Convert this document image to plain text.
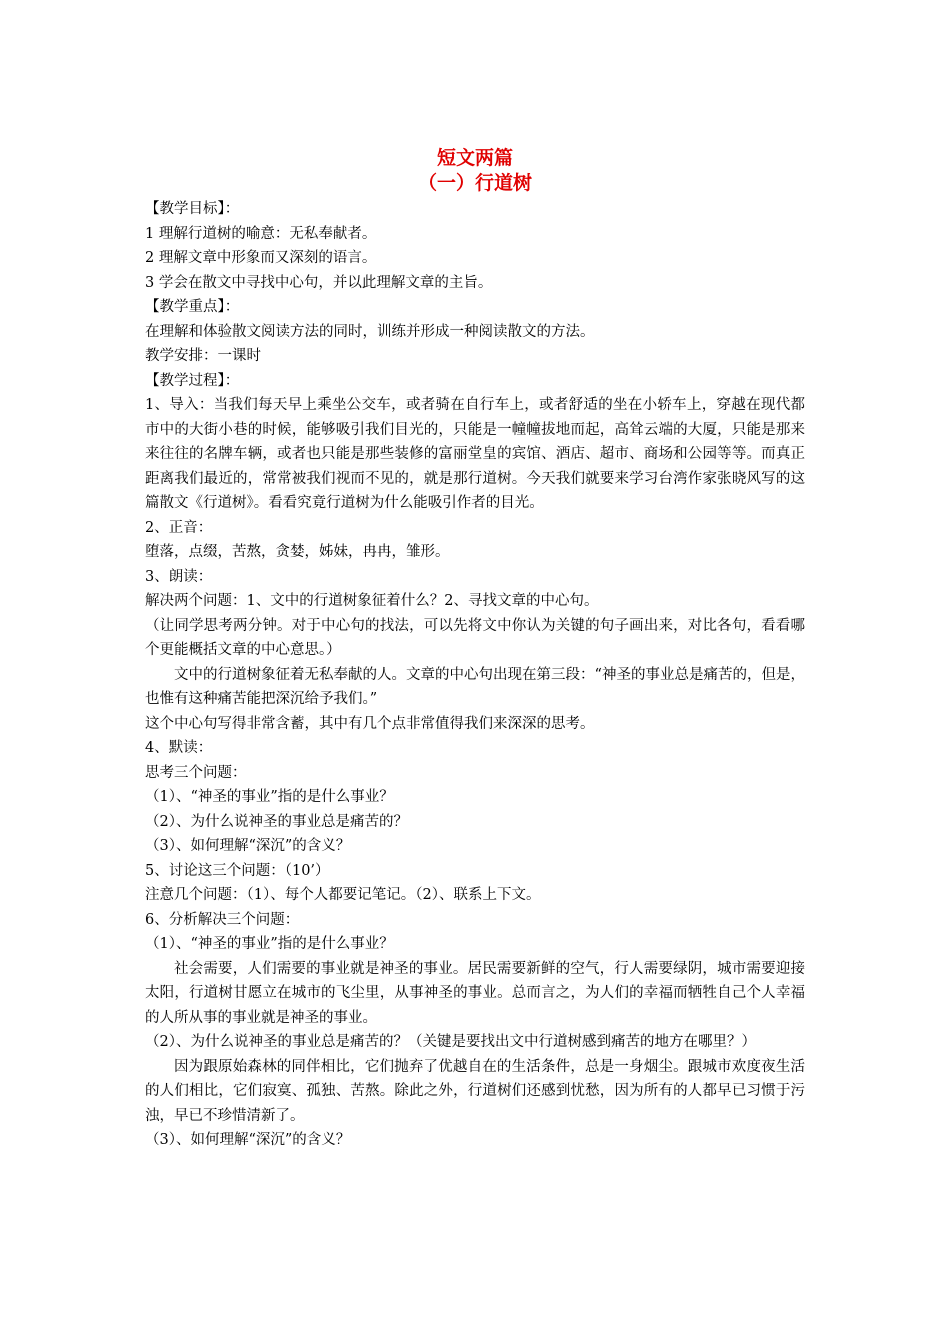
短文两篇
（一）行道树

【教学目标】：

1 理解行道树的喻意：无私奉献者。

2 理解文章中形象而又深刻的语言。

3 学会在散文中寻找中心句，并以此理解文章的主旨。

【教学重点】：

在理解和体验散文阅读方法的同时，训练并形成一种阅读散文的方法。

教学安排：一课时

【教学过程】：

1、导入：当我们每天早上乘坐公交车，或者骑在自行车上，或者舒适的坐在小轿车上，穿越在现代都市中的大街小巷的时候，能够吸引我们目光的，只能是一幢幢拔地而起，高耸云端的大厦，只能是那来来往往的名牌车辆，或者也只能是那些装修的富丽堂皇的宾馆、酒店、超市、商场和公园等等。而真正距离我们最近的，常常被我们视而不见的，就是那行道树。今天我们就要来学习台湾作家张晓风写的这篇散文《行道树》。看看究竟行道树为什么能吸引作者的目光。

2、正音：

堕落，点缀，苦熬，贪婪，姊妹，冉冉，雏形。

3、朗读：

解决两个问题：1、文中的行道树象征着什么？2、寻找文章的中心句。

（让同学思考两分钟。对于中心句的找法，可以先将文中你认为关键的句子画出来，对比各句，看看哪个更能概括文章的中心意思。）

文中的行道树象征着无私奉献的人。文章的中心句出现在第三段：“神圣的事业总是痛苦的，但是，也惟有这种痛苦能把深沉给予我们。”

这个中心句写得非常含蓄，其中有几个点非常值得我们来深深的思考。

4、默读：

思考三个问题：

（1）、“神圣的事业”指的是什么事业？

（2）、为什么说神圣的事业总是痛苦的？

（3）、如何理解“深沉”的含义？

5、讨论这三个问题：（10’）

注意几个问题：（1）、每个人都要记笔记。（2）、联系上下文。

6、分析解决三个问题：

（1）、“神圣的事业”指的是什么事业？

社会需要，人们需要的事业就是神圣的事业。居民需要新鲜的空气，行人需要绿阴，城市需要迎接太阳，行道树甘愿立在城市的飞尘里，从事神圣的事业。总而言之，为人们的幸福而牺牲自己个人幸福的人所从事的事业就是神圣的事业。

（2）、为什么说神圣的事业总是痛苦的？（关键是要找出文中行道树感到痛苦的地方在哪里？）

因为跟原始森林的同伴相比，它们抛弃了优越自在的生活条件，总是一身烟尘。跟城市欢度夜生活的人们相比，它们寂寞、孤独、苦熬。除此之外，行道树们还感到忧愁，因为所有的人都早已习惯于污浊，早已不珍惜清新了。

（3）、如何理解“深沉”的含义？
